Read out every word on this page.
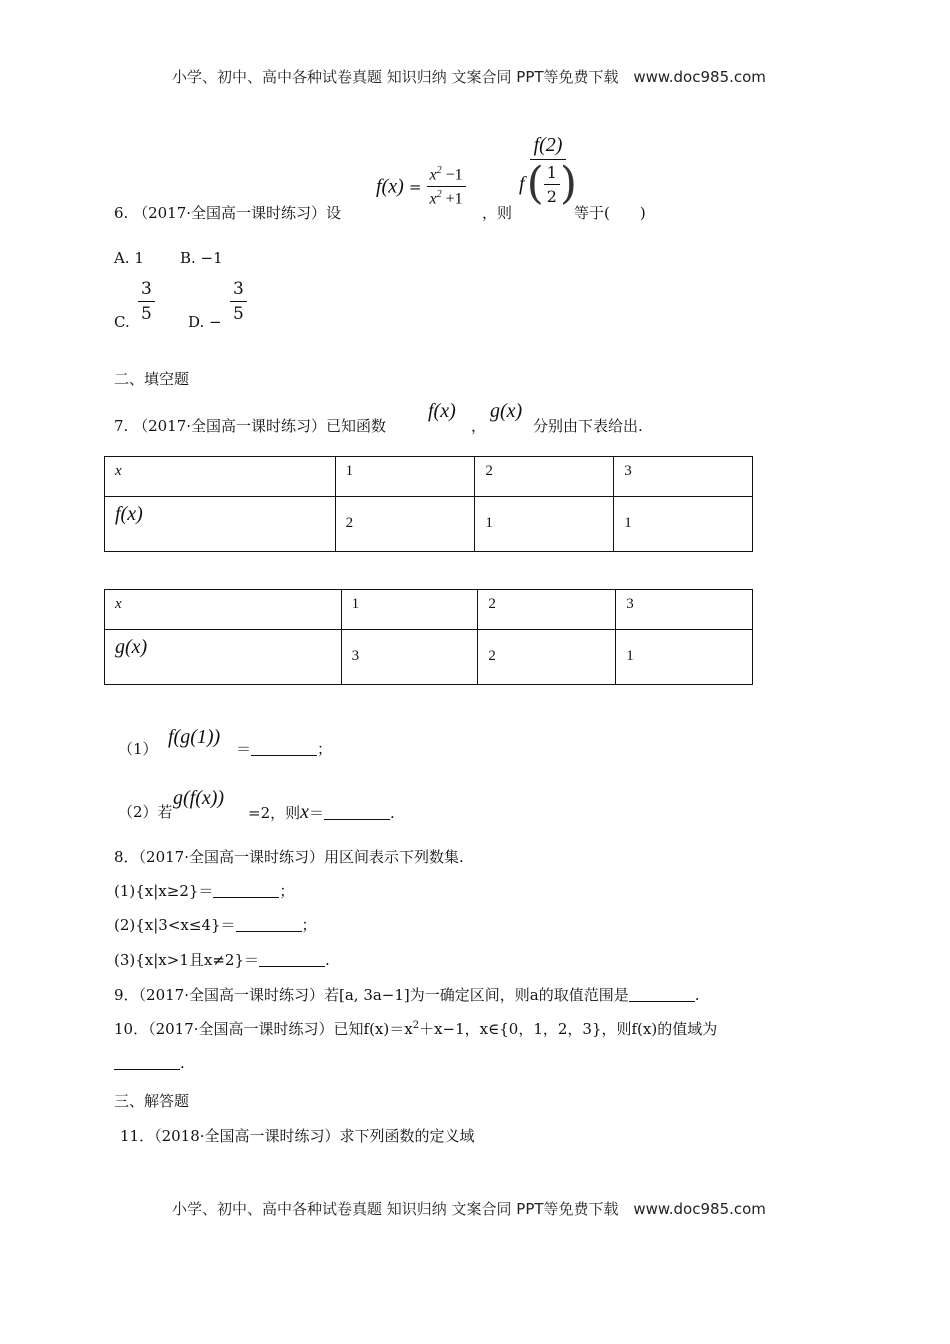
小学、初中、高中各种试卷真题 知识归纳 文案合同 PPT等免费下载 www.doc985.com
6. （2017·全国高一课时练习）设
$f(x) = \frac{x^2 -1}{x^2 +1}$
，则
$\frac{f(2)}{f ( \frac{1}{2} )}$
等于(　　)
A. 1 B. −1
C. $\frac{3}{5} D$. − $\frac{3}{5}$
二、填空题
7. （2017·全国高一课时练习）已知函数
f(x)
，
g(x)
分别由下表给出.
x	1	2	3
f(x)	2	1	1
x	1	2	3
g(x)	3	2	1
（1）
f(g(1))
＝	；
（2）若
g(f(x))
=2，则x＝	.
8．（2017·全国高一课时练习）用区间表示下列数集.
(1){x|x≥2}＝	；
(2){x|3<x≤4}＝	；
(3){x|x>1且x≠2}＝	.
9．（2017·全国高一课时练习）若[a, 3a−1]为一确定区间，则a的取值范围是	.
10．（2017·全国高一课时练习）已知$f(x)=x^2+x-1$，x∈{0，1，2，3}，则f(x)的值域为
.
三、解答题
11．（2018·全国高一课时练习）求下列函数的定义域
小学、初中、高中各种试卷真题 知识归纳 文案合同 PPT等免费下载 www.doc985.com
